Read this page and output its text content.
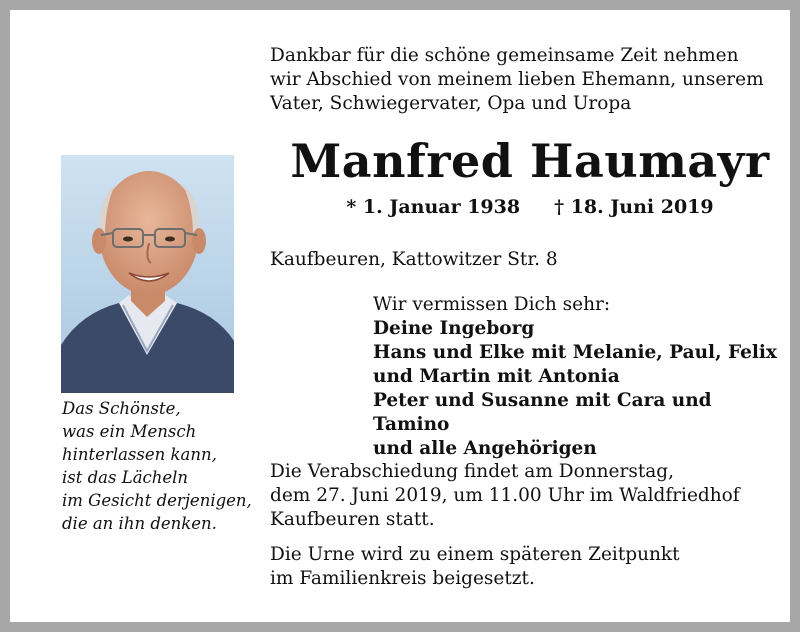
Dankbar für die schöne gemeinsame Zeit nehmen
wir Abschied von meinem lieben Ehemann, unserem
Vater, Schwiegervater, Opa und Uropa
Manfred Haumayr
* 1. Januar 1938 † 18. Juni 2019
Kaufbeuren, Kattowitzer Str. 8
Wir vermissen Dich sehr:
Deine Ingeborg
Hans und Elke mit Melanie, Paul, Felix
und Martin mit Antonia
Peter und Susanne mit Cara und Tamino
und alle Angehörigen
Die Verabschiedung findet am Donnerstag,
dem 27. Juni 2019, um 11.00 Uhr im Waldfriedhof
Kaufbeuren statt.
Die Urne wird zu einem späteren Zeitpunkt
im Familienkreis beigesetzt.
Das Schönste,
was ein Mensch
hinterlassen kann,
ist das Lächeln
im Gesicht derjenigen,
die an ihn denken.
